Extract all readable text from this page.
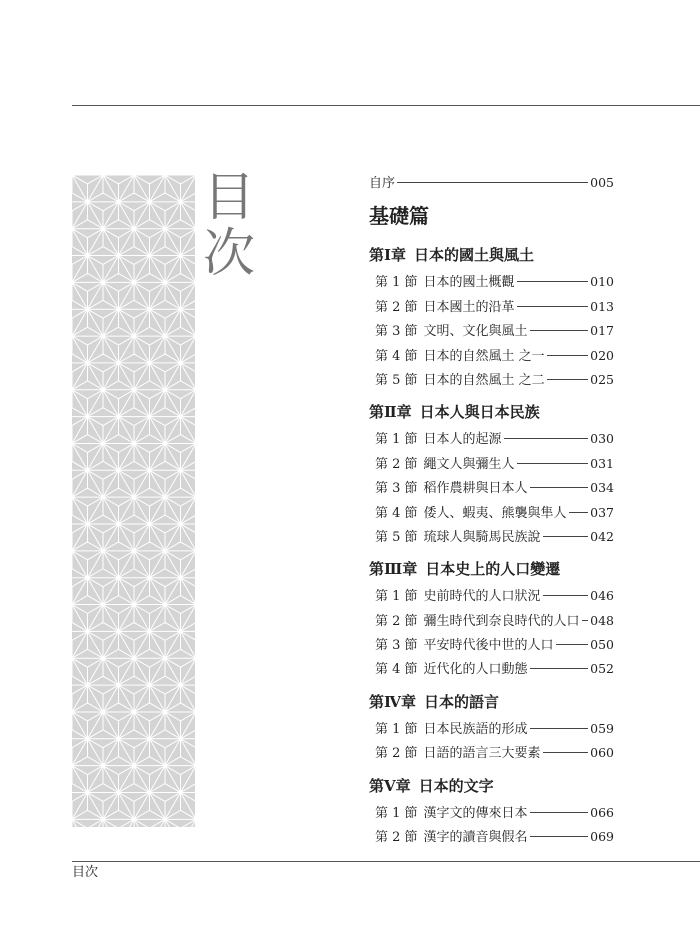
目
次
自序	005
基礎篇
第Ⅰ章 日本的國土與風土
第 1 節 日本的國土概觀	010
第 2 節 日本國土的沿革	013
第 3 節 文明、文化與風土	017
第 4 節 日本的自然風土 之一	020
第 5 節 日本的自然風土 之二	025
第Ⅱ章 日本人與日本民族
第 1 節 日本人的起源	030
第 2 節 繩文人與彌生人	031
第 3 節 稻作農耕與日本人	034
第 4 節 倭人、蝦夷、熊襲與隼人 037
第 5 節 琉球人與騎馬民族說	042
第Ⅲ章 日本史上的人口變遷
第 1 節 史前時代的人口狀況	046
第 2 節 彌生時代到奈良時代的人口 048
第 3 節 平安時代後中世的人口	050
第 4 節 近代化的人口動態	052
第Ⅳ章 日本的語言
第 1 節 日本民族語的形成	059
第 2 節 日語的語言三大要素	060
第Ⅴ章 日本的文字
第 1 節 漢字文的傳來日本	066
第 2 節 漢字的讀音與假名	069
目次
